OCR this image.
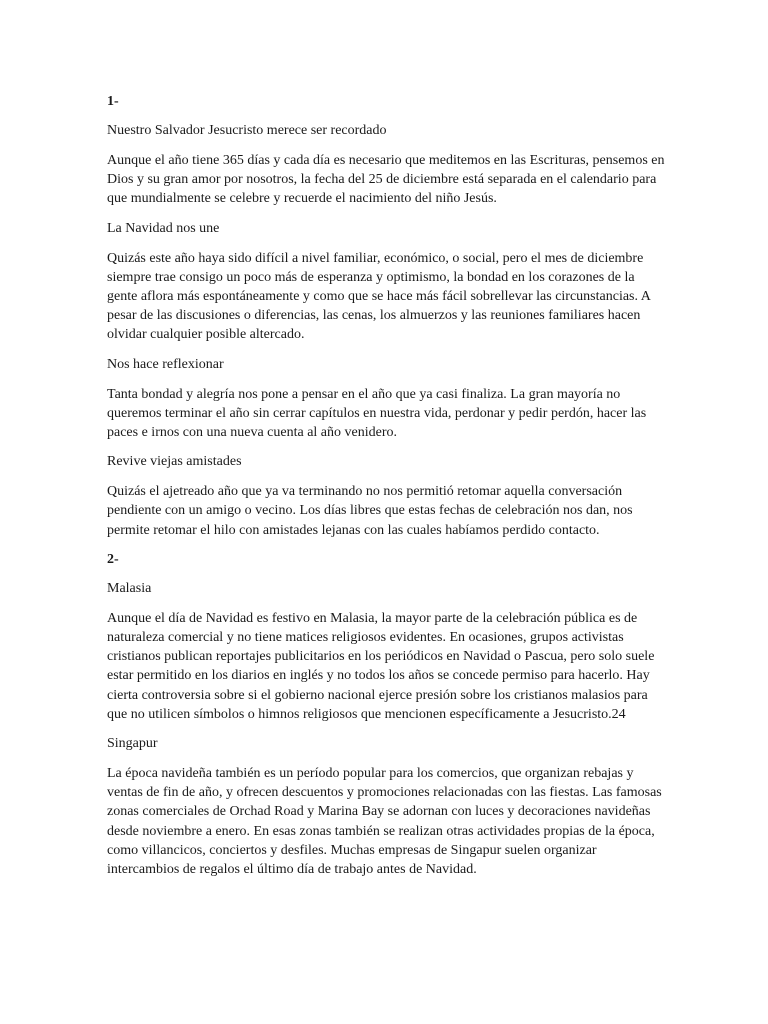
1-
Nuestro Salvador Jesucristo merece ser recordado
Aunque el año tiene 365 días y cada día es necesario que meditemos en las Escrituras, pensemos en Dios y su gran amor por nosotros, la fecha del 25 de diciembre está separada en el calendario para que mundialmente se celebre y recuerde el nacimiento del niño Jesús.
La Navidad nos une
Quizás este año haya sido difícil a nivel familiar, económico, o social, pero el mes de diciembre siempre trae consigo un poco más de esperanza y optimismo, la bondad en los corazones de la gente aflora más espontáneamente y como que se hace más fácil sobrellevar las circunstancias. A pesar de las discusiones o diferencias, las cenas, los almuerzos y las reuniones familiares hacen olvidar cualquier posible altercado.
Nos hace reflexionar
Tanta bondad y alegría nos pone a pensar en el año que ya casi finaliza. La gran mayoría no queremos terminar el año sin cerrar capítulos en nuestra vida, perdonar y pedir perdón, hacer las paces e irnos con una nueva cuenta al año venidero.
Revive viejas amistades
Quizás el ajetreado año que ya va terminando no nos permitió retomar aquella conversación pendiente con un amigo o vecino. Los días libres que estas fechas de celebración nos dan, nos permite retomar el hilo con amistades lejanas con las cuales habíamos perdido contacto.
2-
Malasia
Aunque el día de Navidad es festivo en Malasia, la mayor parte de la celebración pública es de naturaleza comercial y no tiene matices religiosos evidentes. En ocasiones, grupos activistas cristianos publican reportajes publicitarios en los periódicos en Navidad o Pascua, pero solo suele estar permitido en los diarios en inglés y no todos los años se concede permiso para hacerlo. Hay cierta controversia sobre si el gobierno nacional ejerce presión sobre los cristianos malasios para que no utilicen símbolos o himnos religiosos que mencionen específicamente a Jesucristo.24
Singapur
La época navideña también es un período popular para los comercios, que organizan rebajas y ventas de fin de año, y ofrecen descuentos y promociones relacionadas con las fiestas. Las famosas zonas comerciales de Orchad Road y Marina Bay se adornan con luces y decoraciones navideñas desde noviembre a enero. En esas zonas también se realizan otras actividades propias de la época, como villancicos, conciertos y desfiles. Muchas empresas de Singapur suelen organizar intercambios de regalos el último día de trabajo antes de Navidad.
